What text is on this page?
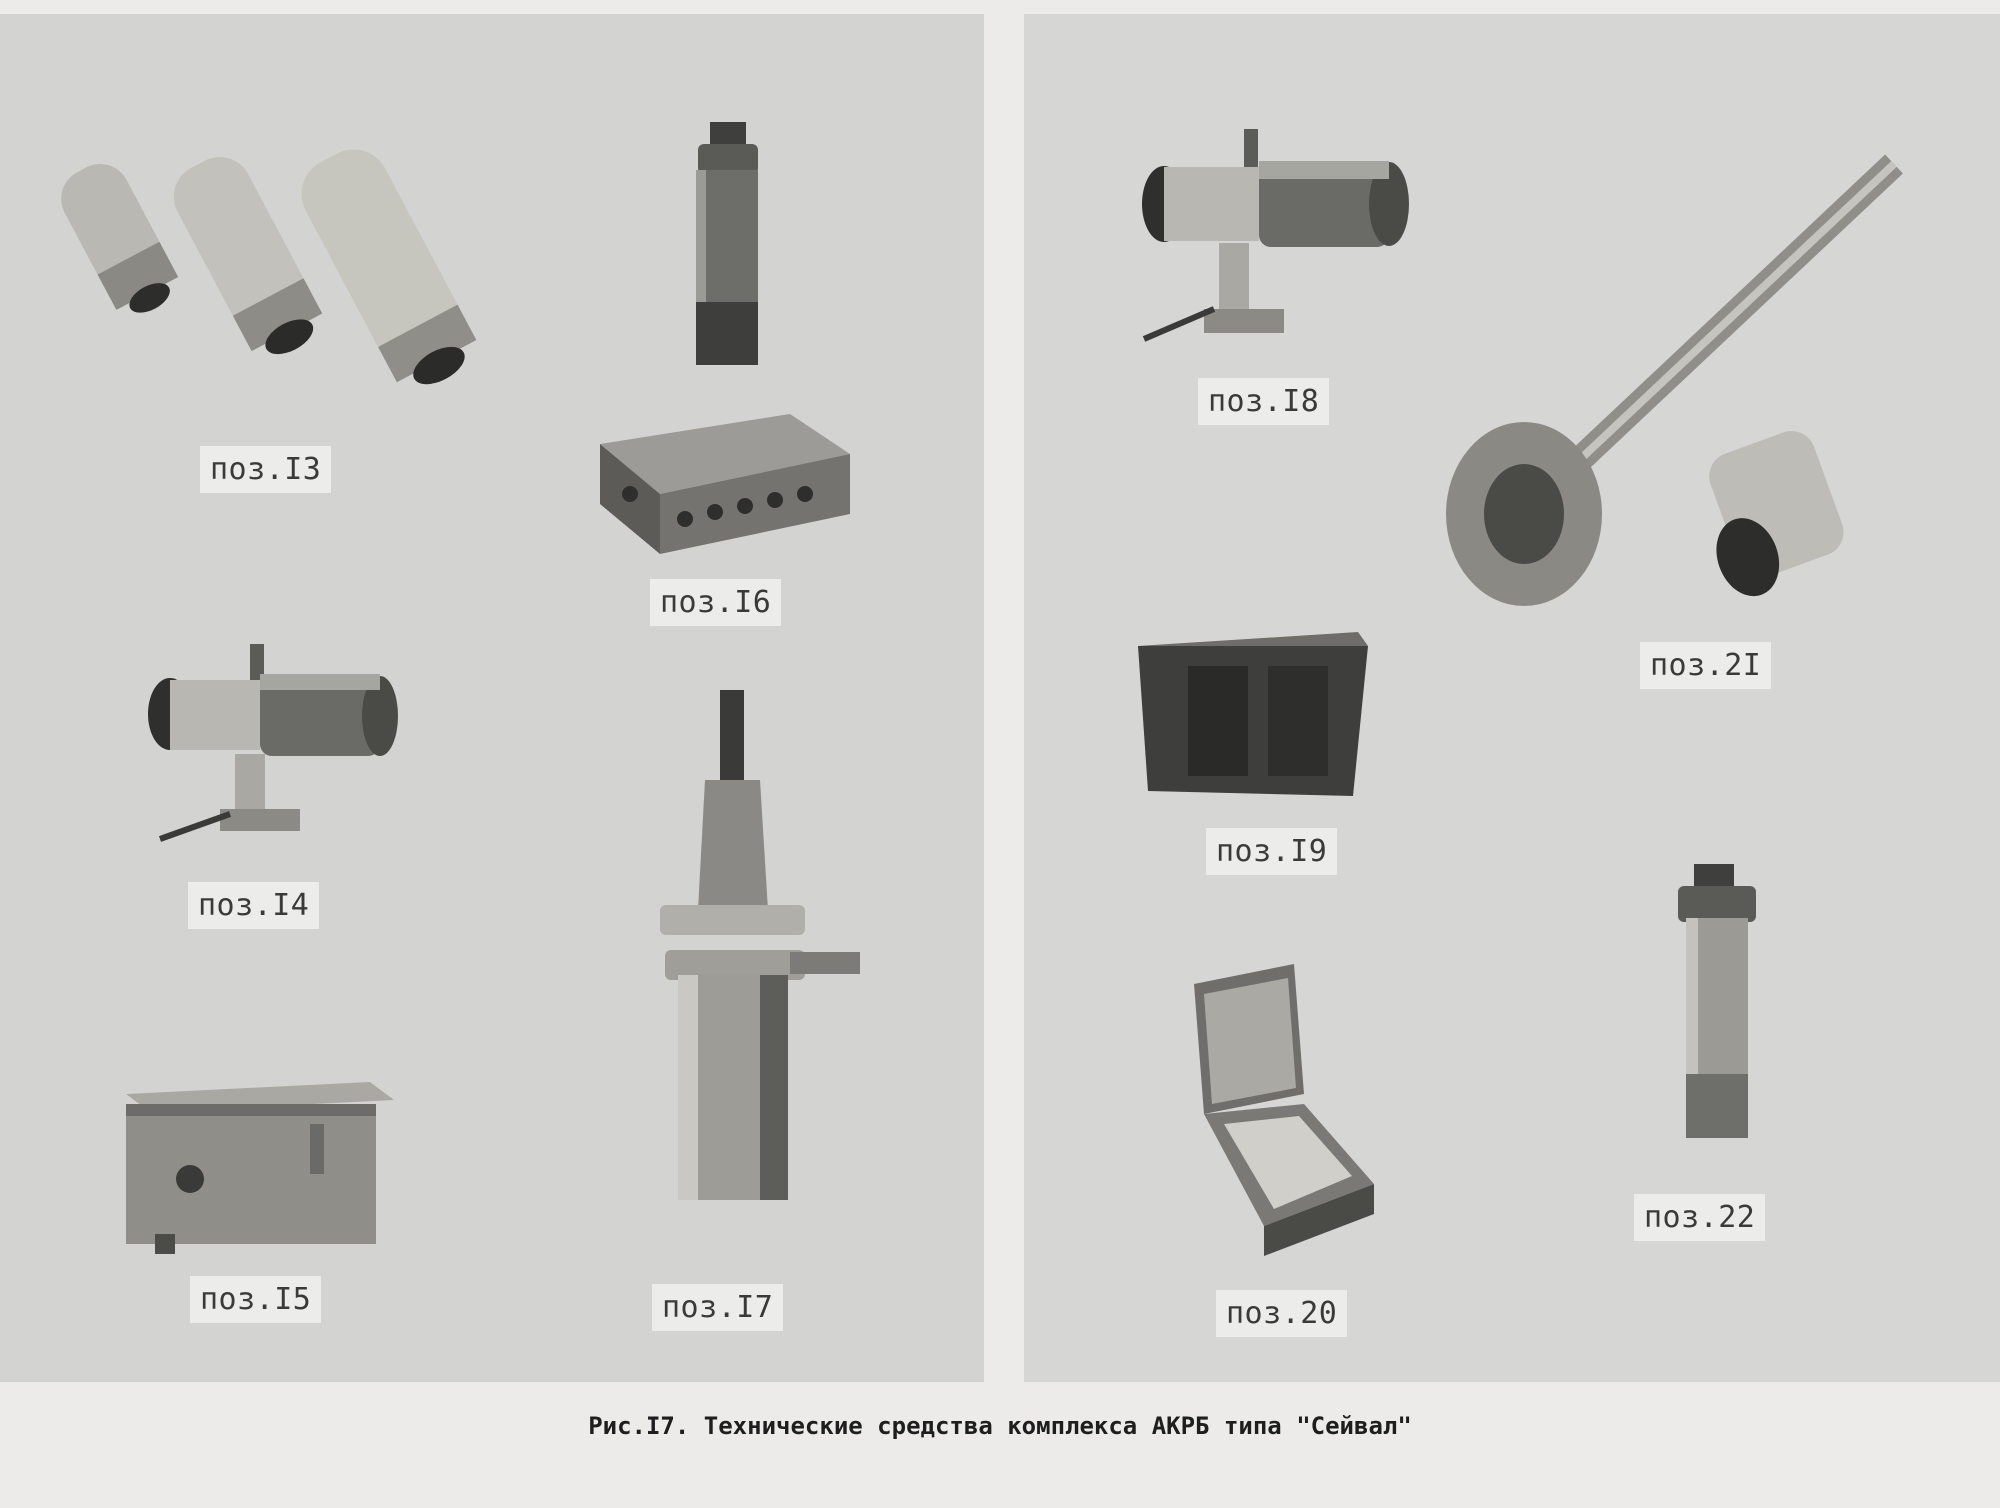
поз.I3
поз.I6
поз.I4
поз.I7
поз.I5
поз.I8
поз.2I
поз.I9
поз.20
поз.22
Рис.I7. Технические средства комплекса АКРБ типа "Сейвал"
